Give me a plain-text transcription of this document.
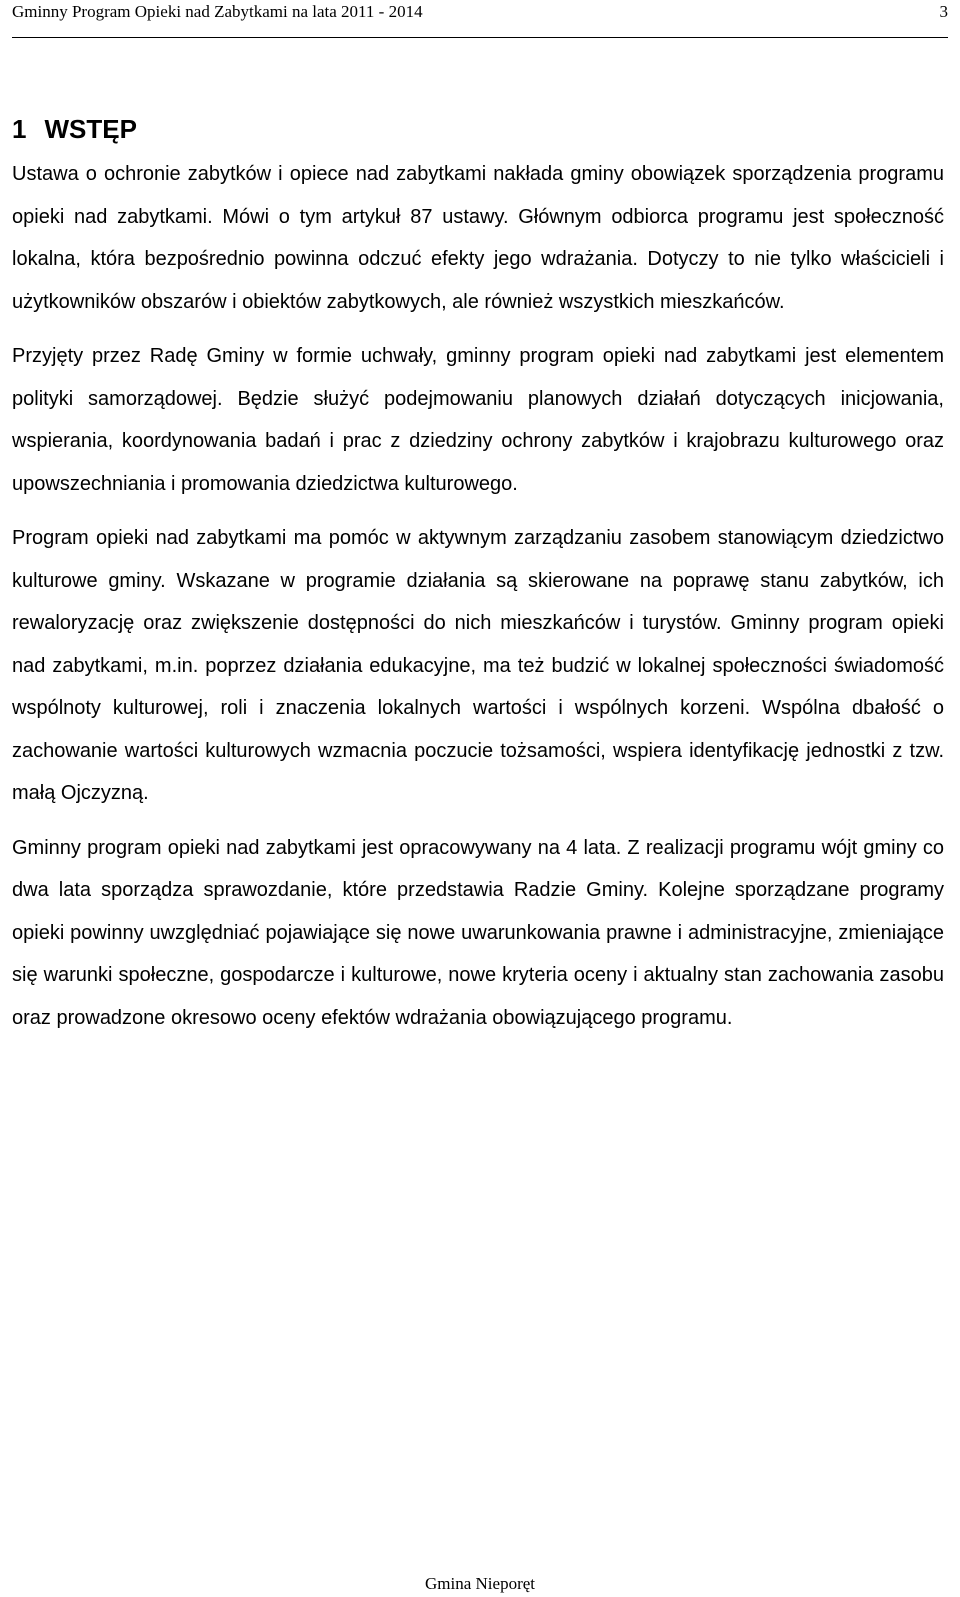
Gminny Program Opieki nad Zabytkami na lata 2011 - 2014	3
1 WSTĘP

Ustawa o ochronie zabytków i opiece nad zabytkami nakłada gminy obowiązek sporządzenia programu opieki nad zabytkami. Mówi o tym artykuł 87 ustawy. Głównym odbiorca programu jest społeczność lokalna, która bezpośrednio powinna odczuć efekty jego wdrażania. Dotyczy to nie tylko właścicieli i użytkowników obszarów i obiektów zabytkowych, ale również wszystkich mieszkańców.

Przyjęty przez Radę Gminy w formie uchwały, gminny program opieki nad zabytkami jest elementem polityki samorządowej. Będzie służyć podejmowaniu planowych działań dotyczących inicjowania, wspierania, koordynowania badań i prac z dziedziny ochrony zabytków i krajobrazu kulturowego oraz upowszechniania i promowania dziedzictwa kulturowego.

Program opieki nad zabytkami ma pomóc w aktywnym zarządzaniu zasobem stanowiącym dziedzictwo kulturowe gminy. Wskazane w programie działania są skierowane na poprawę stanu zabytków, ich rewaloryzację oraz zwiększenie dostępności do nich mieszkańców i turystów. Gminny program opieki nad zabytkami, m.in. poprzez działania edukacyjne, ma też budzić w lokalnej społeczności świadomość wspólnoty kulturowej, roli i znaczenia lokalnych wartości i wspólnych korzeni. Wspólna dbałość o zachowanie wartości kulturowych wzmacnia poczucie tożsamości, wspiera identyfikację jednostki z tzw. małą Ojczyzną.

Gminny program opieki nad zabytkami jest opracowywany na 4 lata. Z realizacji programu wójt gminy co dwa lata sporządza sprawozdanie, które przedstawia Radzie Gminy. Kolejne sporządzane programy opieki powinny uwzględniać pojawiające się nowe uwarunkowania prawne i administracyjne, zmieniające się warunki społeczne, gospodarcze i kulturowe, nowe kryteria oceny i aktualny stan zachowania zasobu oraz prowadzone okresowo oceny efektów wdrażania obowiązującego programu.

Gmina Nieporęt
